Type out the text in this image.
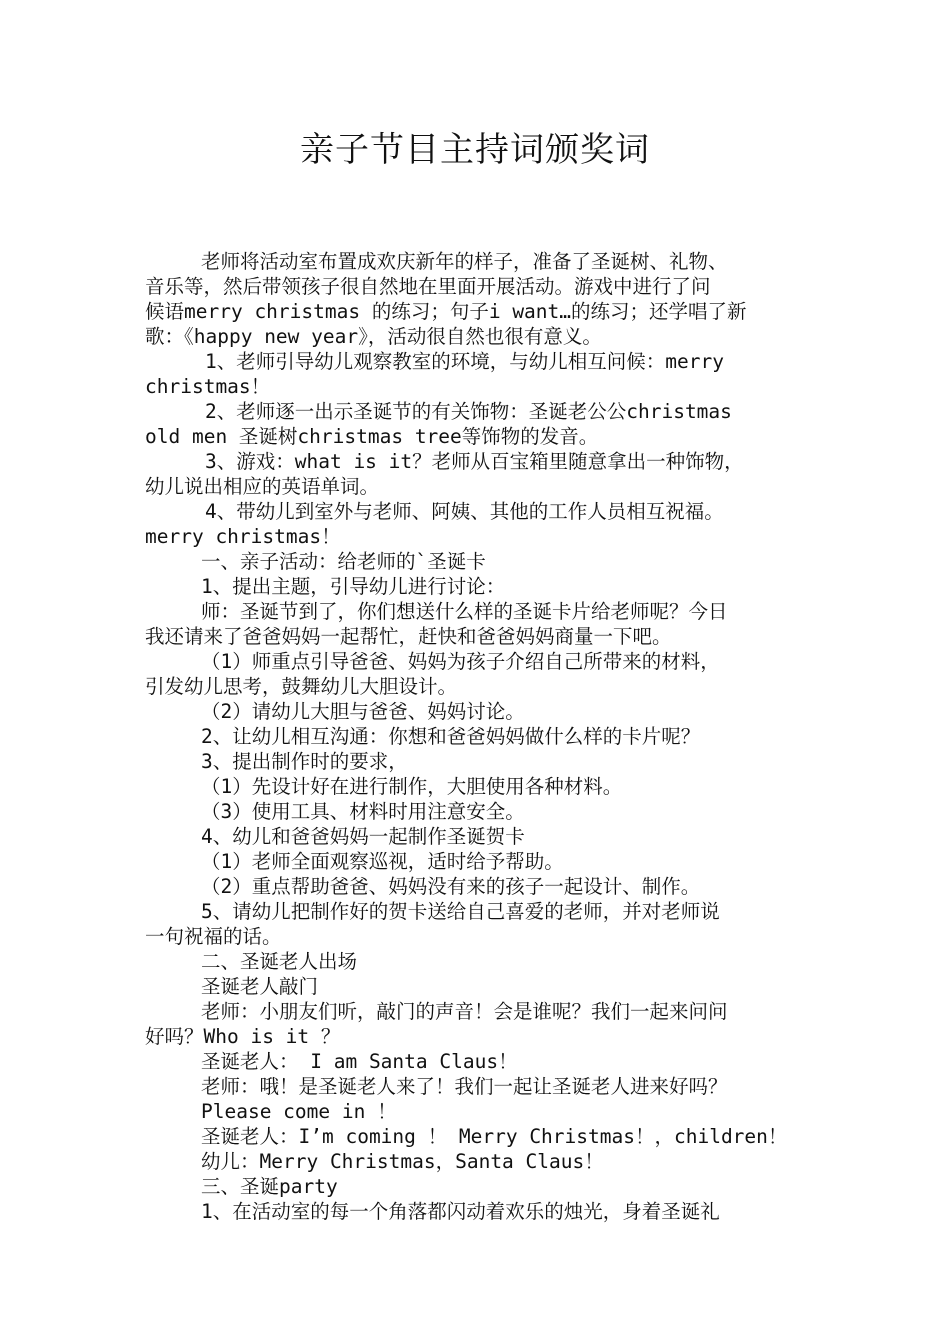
亲子节目主持词颁奖词
老师将活动室布置成欢庆新年的样子，准备了圣诞树、礼物、
音乐等，然后带领孩子很自然地在里面开展活动。游戏中进行了问
候语merry christmas 的练习；句子i want…的练习；还学唱了新
歌：《happy new year》，活动很自然也很有意义。
1、老师引导幼儿观察教室的环境，与幼儿相互问候：merry
christmas！
2、老师逐一出示圣诞节的有关饰物：圣诞老公公christmas
old men 圣诞树christmas tree等饰物的发音。
3、游戏：what is it？老师从百宝箱里随意拿出一种饰物，
幼儿说出相应的英语单词。
4、带幼儿到室外与老师、阿姨、其他的工作人员相互祝福。
merry christmas！
一、亲子活动：给老师的`圣诞卡
1、提出主题，引导幼儿进行讨论：
师：圣诞节到了，你们想送什么样的圣诞卡片给老师呢？今日
我还请来了爸爸妈妈一起帮忙，赶快和爸爸妈妈商量一下吧。
（1）师重点引导爸爸、妈妈为孩子介绍自己所带来的材料，
引发幼儿思考，鼓舞幼儿大胆设计。
（2）请幼儿大胆与爸爸、妈妈讨论。
2、让幼儿相互沟通：你想和爸爸妈妈做什么样的卡片呢？
3、提出制作时的要求，
（1）先设计好在进行制作，大胆使用各种材料。
（3）使用工具、材料时用注意安全。
4、幼儿和爸爸妈妈一起制作圣诞贺卡
（1）老师全面观察巡视，适时给予帮助。
（2）重点帮助爸爸、妈妈没有来的孩子一起设计、制作。
5、请幼儿把制作好的贺卡送给自己喜爱的老师，并对老师说
一句祝福的话。
二、圣诞老人出场
圣诞老人敲门
老师：小朋友们听，敲门的声音！会是谁呢？我们一起来问问
好吗？Who is it ？
圣诞老人： I am Santa Claus！
老师：哦！是圣诞老人来了！我们一起让圣诞老人进来好吗？
Please come in ！
圣诞老人：I’m coming ！ Merry Christmas！，children！
幼儿：Merry Christmas，Santa Claus！
三、圣诞party
1、在活动室的每一个角落都闪动着欢乐的烛光，身着圣诞礼
